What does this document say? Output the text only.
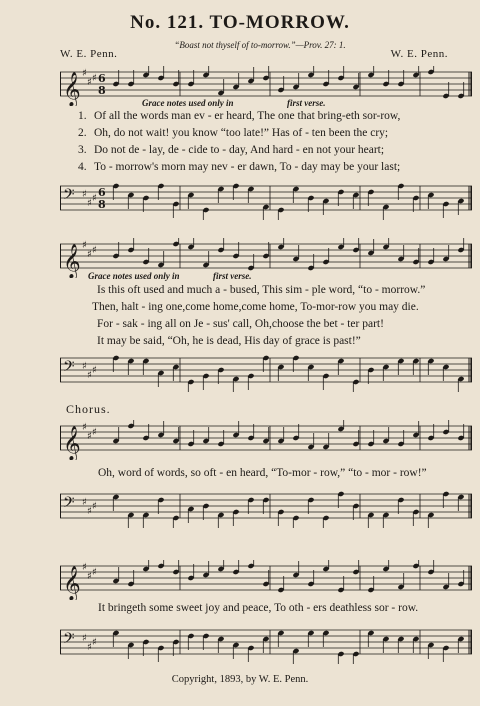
No. 121. TO-MORROW.
“Boast not thyself of to-morrow.”—Prov. 27: 1.
W. E. Penn.	W. E. Penn.
𝄞 ♯
♯ ♯ 6
8
Grace notes used only in	first verse.
1. Of all the words man ev - er heard, The one that bring-eth sor-row,
2. Oh, do not wait! you know “too late!” Has of - ten been the cry;
3. Do not de - lay, de - cide to - day, And hard - en not your heart;
4. To - morrow's morn may nev - er dawn, To - day may be your last;
𝄢 ♯
♯ ♯ 6
8
𝄞 ♯
♯ ♯
Grace notes used only in	first verse.
Is this oft used and much a - bused, This sim - ple word, “to - morrow.”
Then, halt - ing one,come home,come home, To-mor-row you may die.
For - sak - ing all on Je - sus' call, Oh,choose the bet - ter part!
It may be said, “Oh, he is dead, His day of grace is past!”
𝄢 ♯
♯ ♯
Chorus.
𝄞 ♯
♯ ♯
Oh, word of words, so oft - en heard, “To-mor - row,” “to - mor - row!”
𝄢 ♯
♯ ♯
𝄞 ♯
♯ ♯
It bringeth some sweet joy and peace, To oth - ers deathless sor - row.
𝄢 ♯
♯ ♯
Copyright, 1893, by W. E. Penn.
